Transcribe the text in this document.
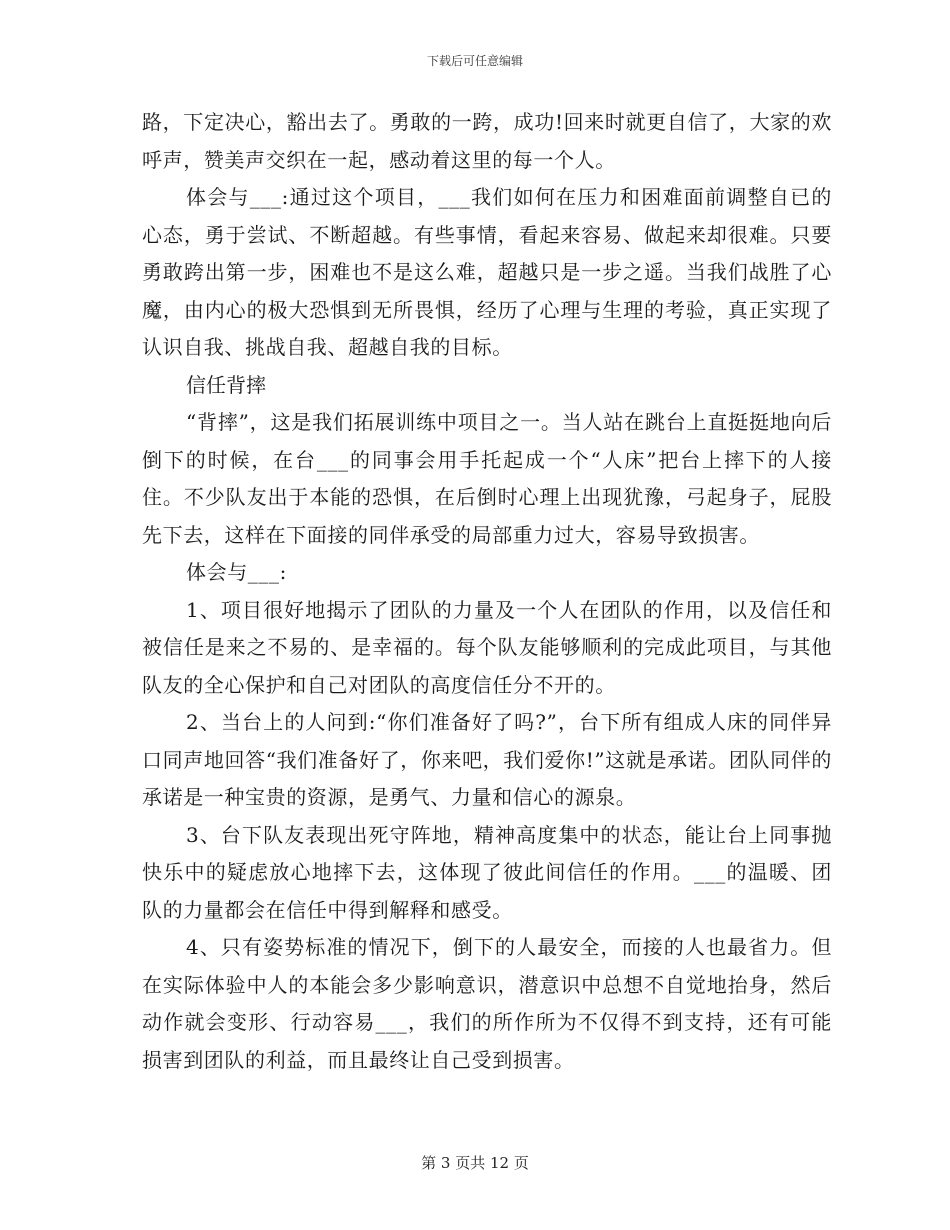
下载后可任意编辑

路，下定决心，豁出去了。勇敢的一跨，成功!回来时就更自信了，大家的欢呼声，赞美声交织在一起，感动着这里的每一个人。

体会与___:通过这个项目，___我们如何在压力和困难面前调整自已的心态，勇于尝试、不断超越。有些事情，看起来容易、做起来却很难。只要勇敢跨出第一步，困难也不是这么难，超越只是一步之遥。当我们战胜了心魔，由内心的极大恐惧到无所畏惧，经历了心理与生理的考验，真正实现了认识自我、挑战自我、超越自我的目标。

信任背摔

“背摔”，这是我们拓展训练中项目之一。当人站在跳台上直挺挺地向后倒下的时候，在台___的同事会用手托起成一个“人床”把台上摔下的人接住。不少队友出于本能的恐惧，在后倒时心理上出现犹豫，弓起身子，屁股先下去，这样在下面接的同伴承受的局部重力过大，容易导致损害。

体会与___:

1、项目很好地揭示了团队的力量及一个人在团队的作用，以及信任和被信任是来之不易的、是幸福的。每个队友能够顺利的完成此项目，与其他队友的全心保护和自己对团队的高度信任分不开的。

2、当台上的人问到:“你们准备好了吗?”，台下所有组成人床的同伴异口同声地回答“我们准备好了，你来吧，我们爱你!”这就是承诺。团队同伴的承诺是一种宝贵的资源，是勇气、力量和信心的源泉。

3、台下队友表现出死守阵地，精神高度集中的状态，能让台上同事抛快乐中的疑虑放心地摔下去，这体现了彼此间信任的作用。___的温暖、团队的力量都会在信任中得到解释和感受。

4、只有姿势标准的情况下，倒下的人最安全，而接的人也最省力。但在实际体验中人的本能会多少影响意识，潜意识中总想不自觉地抬身，然后动作就会变形、行动容易___，我们的所作所为不仅得不到支持，还有可能损害到团队的利益，而且最终让自己受到损害。

第 3 页共 12 页
